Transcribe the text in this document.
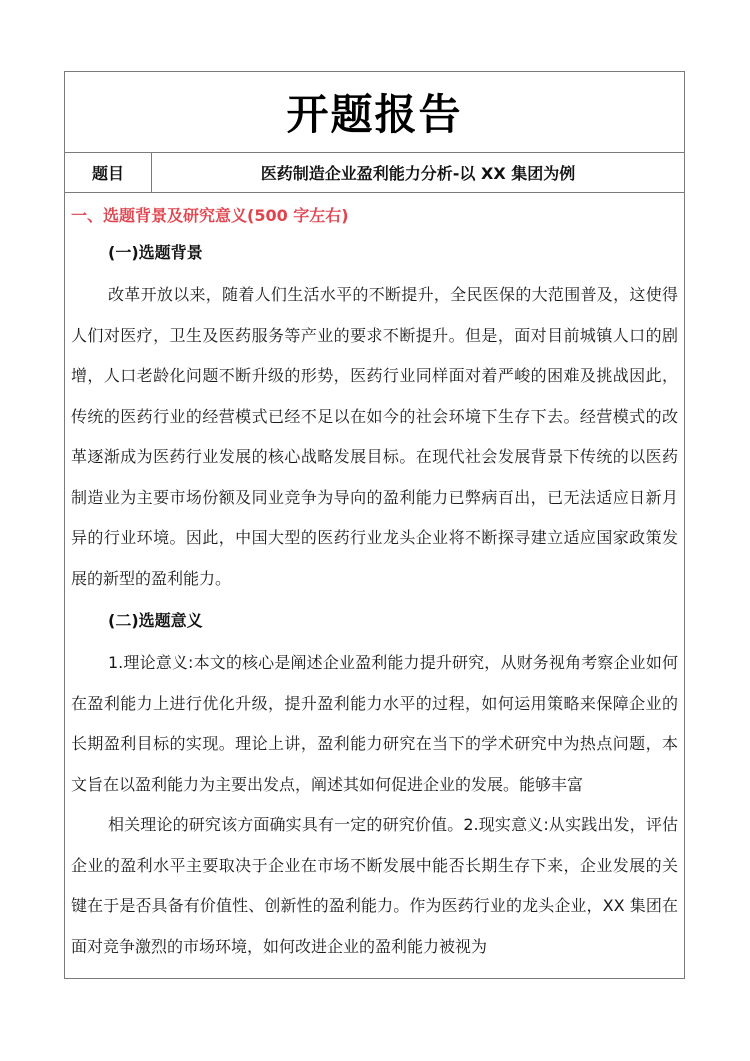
开题报告
题目	医药制造企业盈利能力分析-以 XX 集团为例

一、选题背景及研究意义(500 字左右)

(一)选题背景

改革开放以来，随着人们生活水平的不断提升，全民医保的大范围普及，这使得人们对医疗，卫生及医药服务等产业的要求不断提升。但是，面对目前城镇人口的剧增，人口老龄化问题不断升级的形势，医药行业同样面对着严峻的困难及挑战因此，传统的医药行业的经营模式已经不足以在如今的社会环境下生存下去。经营模式的改革逐渐成为医药行业发展的核心战略发展目标。在现代社会发展背景下传统的以医药制造业为主要市场份额及同业竞争为导向的盈利能力已弊病百出，已无法适应日新月异的行业环境。因此，中国大型的医药行业龙头企业将不断探寻建立适应国家政策发展的新型的盈利能力。

(二)选题意义

1.理论意义:本文的核心是阐述企业盈利能力提升研究，从财务视角考察企业如何在盈利能力上进行优化升级，提升盈利能力水平的过程，如何运用策略来保障企业的长期盈利目标的实现。理论上讲，盈利能力研究在当下的学术研究中为热点问题，本文旨在以盈利能力为主要出发点，阐述其如何促进企业的发展。能够丰富

相关理论的研究该方面确实具有一定的研究价值。2.现实意义:从实践出发，评估企业的盈利水平主要取决于企业在市场不断发展中能否长期生存下来，企业发展的关键在于是否具备有价值性、创新性的盈利能力。作为医药行业的龙头企业，XX 集团在面对竞争激烈的市场环境，如何改进企业的盈利能力被视为
